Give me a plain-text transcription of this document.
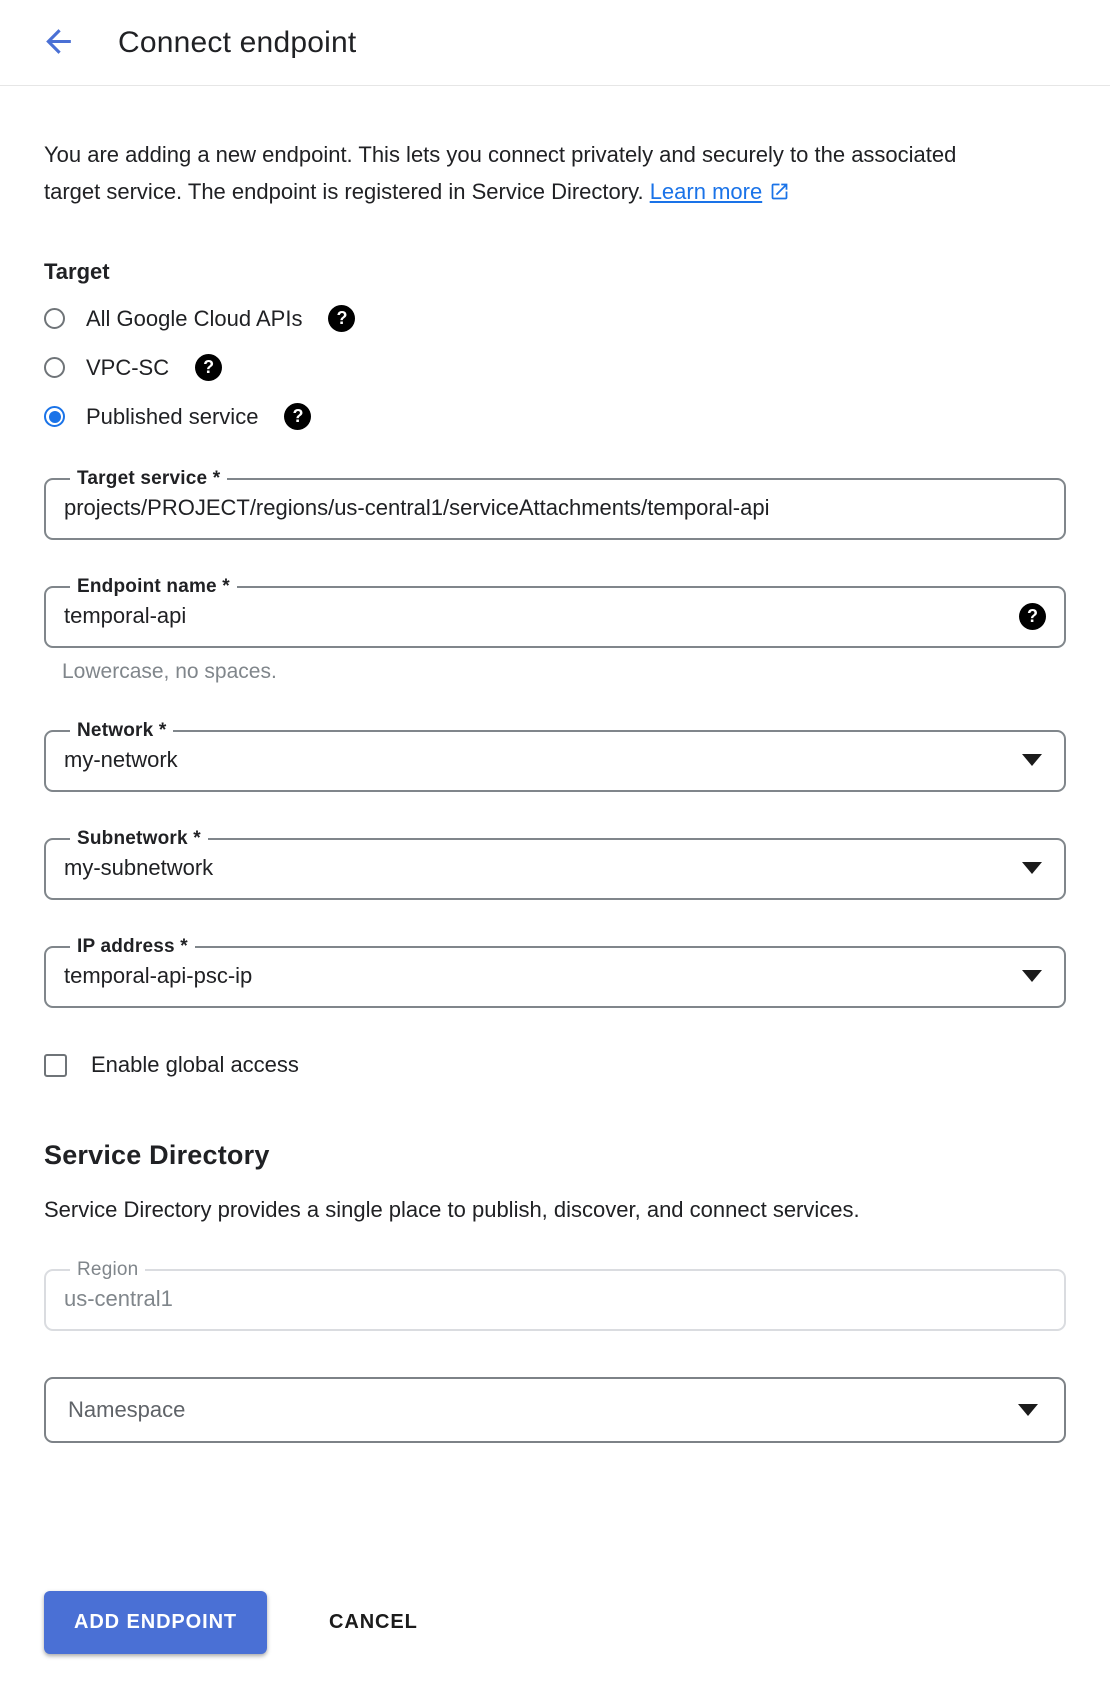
Connect endpoint

You are adding a new endpoint. This lets you connect privately and securely to the associated target service. The endpoint is registered in Service Directory. Learn more

Target
All Google Cloud APIs	?
VPC-SC	?
Published service	?
Target service *
projects/PROJECT/regions/us-central1/serviceAttachments/temporal-api
Endpoint name *
temporal-api	?
Lowercase, no spaces.
Network *
my-network
Subnetwork *
my-subnetwork
IP address *
temporal-api-psc-ip
Enable global access
Service Directory

Service Directory provides a single place to publish, discover, and connect services.

Region
us-central1
Namespace
ADD ENDPOINT	CANCEL
